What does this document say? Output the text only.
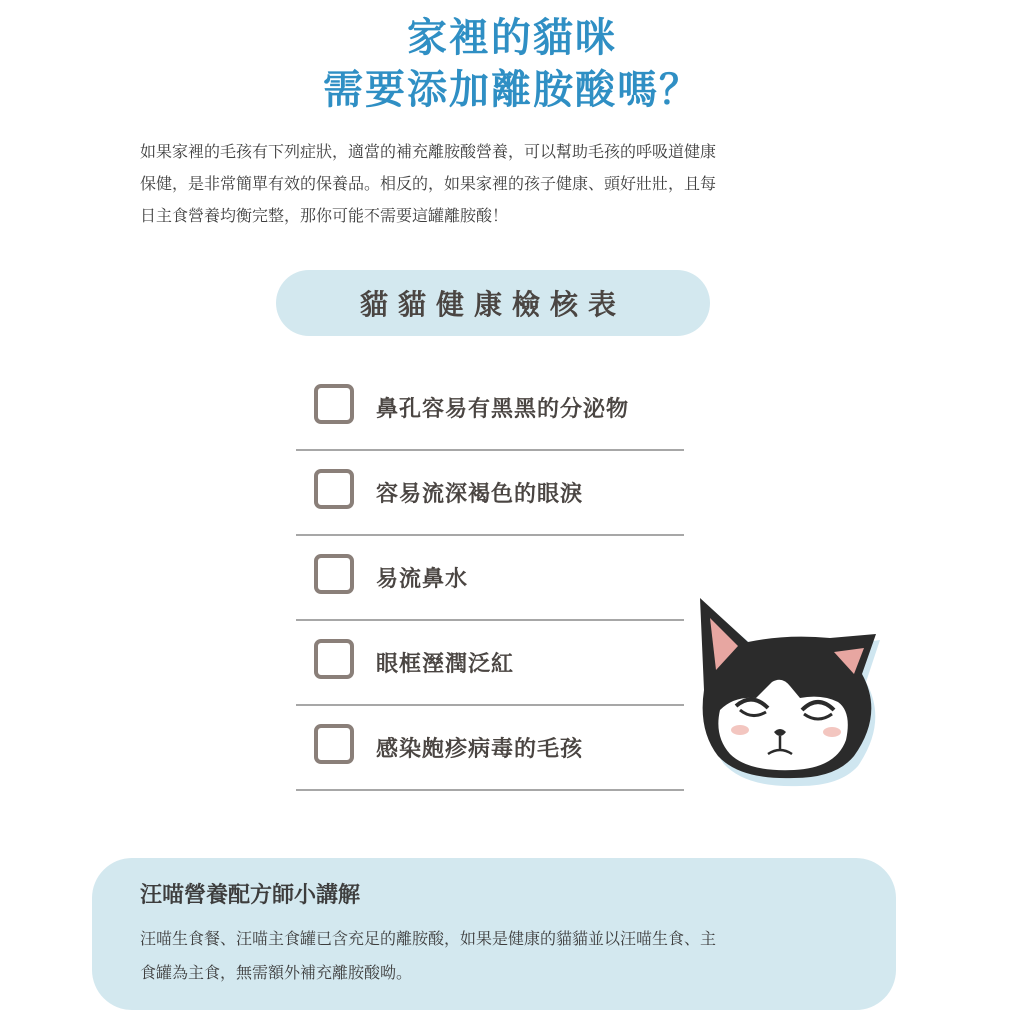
家裡的貓咪
需要添加離胺酸嗎？

如果家裡的毛孩有下列症狀，適當的補充離胺酸營養，可以幫助毛孩的呼吸道健康

保健，是非常簡單有效的保養品。相反的，如果家裡的孩子健康、頭好壯壯，且每

日主食營養均衡完整，那你可能不需要這罐離胺酸！

貓貓健康檢核表
鼻孔容易有黑黑的分泌物
容易流深褐色的眼淚
易流鼻水
眼框溼潤泛紅
感染皰疹病毒的毛孩
汪喵營養配方師小講解

汪喵生食餐、汪喵主食罐已含充足的離胺酸，如果是健康的貓貓並以汪喵生食、主

食罐為主食，無需額外補充離胺酸呦。
